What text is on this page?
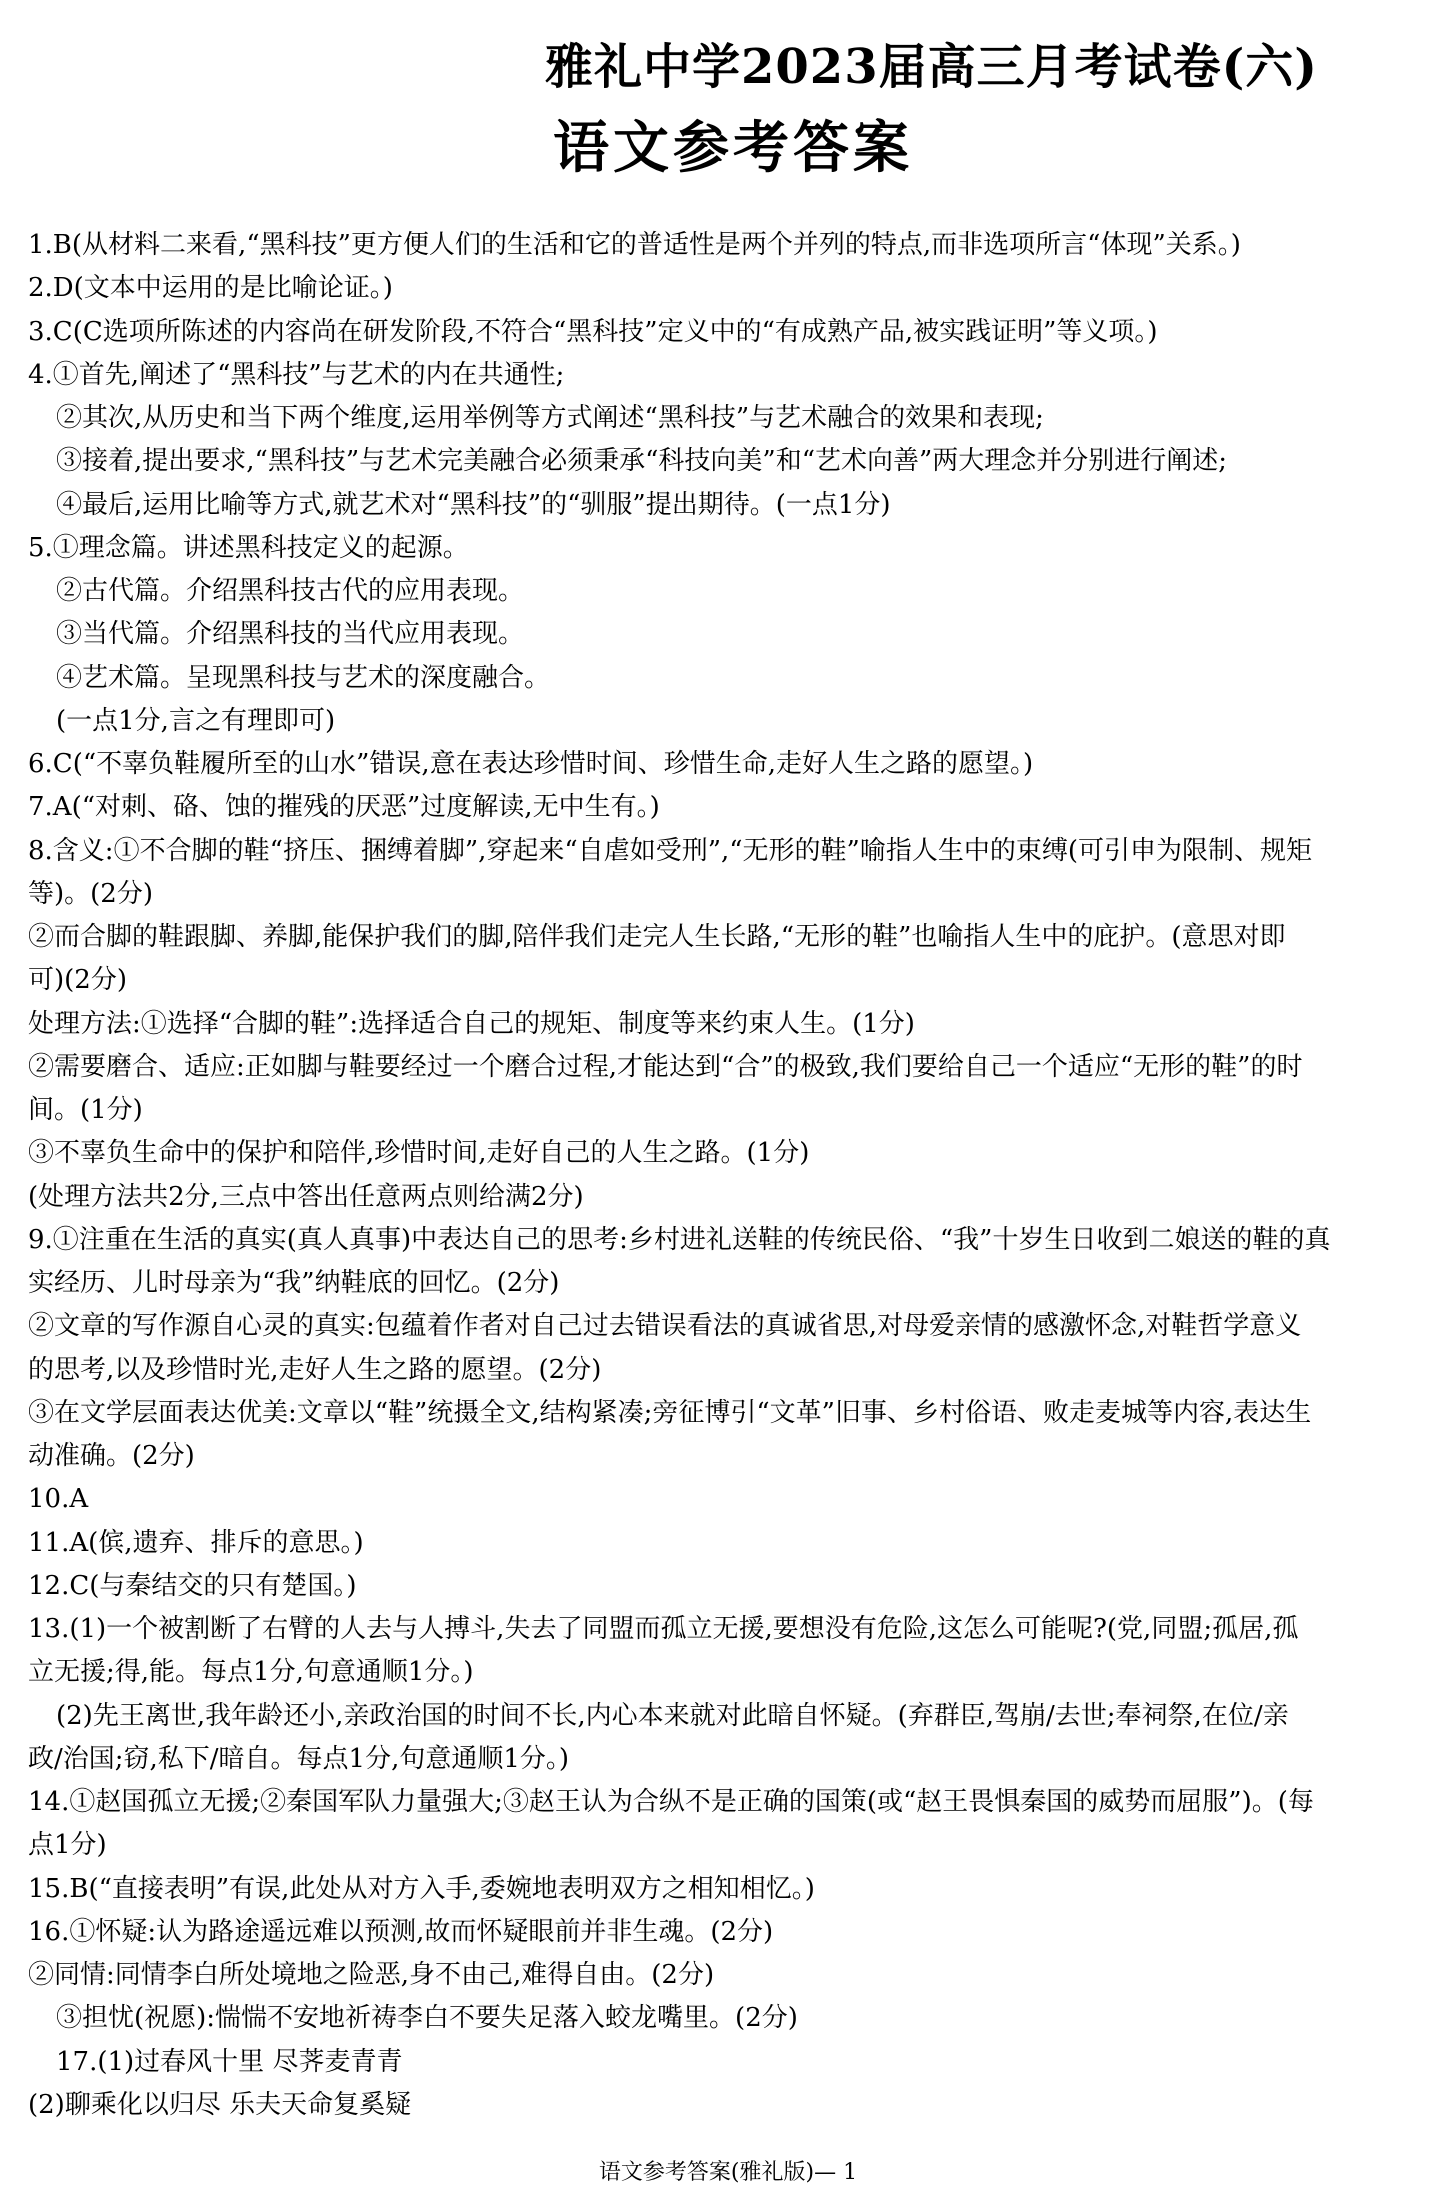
雅礼中学2023届高三月考试卷(六)
语文参考答案
1.B(从材料二来看,“黑科技”更方便人们的生活和它的普适性是两个并列的特点,而非选项所言“体现”关系。)
2.D(文本中运用的是比喻论证。)
3.C(C选项所陈述的内容尚在研发阶段,不符合“黑科技”定义中的“有成熟产品,被实践证明”等义项。)
4.①首先,阐述了“黑科技”与艺术的内在共通性;
②其次,从历史和当下两个维度,运用举例等方式阐述“黑科技”与艺术融合的效果和表现;
③接着,提出要求,“黑科技”与艺术完美融合必须秉承“科技向美”和“艺术向善”两大理念并分别进行阐述;
④最后,运用比喻等方式,就艺术对“黑科技”的“驯服”提出期待。(一点1分)
5.①理念篇。讲述黑科技定义的起源。
②古代篇。介绍黑科技古代的应用表现。
③当代篇。介绍黑科技的当代应用表现。
④艺术篇。呈现黑科技与艺术的深度融合。
(一点1分,言之有理即可)
6.C(“不辜负鞋履所至的山水”错误,意在表达珍惜时间、珍惜生命,走好人生之路的愿望。)
7.A(“对刺、硌、蚀的摧残的厌恶”过度解读,无中生有。)
8.含义:①不合脚的鞋“挤压、捆缚着脚”,穿起来“自虐如受刑”,“无形的鞋”喻指人生中的束缚(可引申为限制、规矩
等)。(2分)
②而合脚的鞋跟脚、养脚,能保护我们的脚,陪伴我们走完人生长路,“无形的鞋”也喻指人生中的庇护。(意思对即
可)(2分)
处理方法:①选择“合脚的鞋”:选择适合自己的规矩、制度等来约束人生。(1分)
②需要磨合、适应:正如脚与鞋要经过一个磨合过程,才能达到“合”的极致,我们要给自己一个适应“无形的鞋”的时
间。(1分)
③不辜负生命中的保护和陪伴,珍惜时间,走好自己的人生之路。(1分)
(处理方法共2分,三点中答出任意两点则给满2分)
9.①注重在生活的真实(真人真事)中表达自己的思考:乡村进礼送鞋的传统民俗、“我”十岁生日收到二娘送的鞋的真
实经历、儿时母亲为“我”纳鞋底的回忆。(2分)
②文章的写作源自心灵的真实:包蕴着作者对自己过去错误看法的真诚省思,对母爱亲情的感激怀念,对鞋哲学意义
的思考,以及珍惜时光,走好人生之路的愿望。(2分)
③在文学层面表达优美:文章以“鞋”统摄全文,结构紧凑;旁征博引“文革”旧事、乡村俗语、败走麦城等内容,表达生
动准确。(2分)
10.A
11.A(傧,遗弃、排斥的意思。)
12.C(与秦结交的只有楚国。)
13.(1)一个被割断了右臂的人去与人搏斗,失去了同盟而孤立无援,要想没有危险,这怎么可能呢?(党,同盟;孤居,孤
立无援;得,能。每点1分,句意通顺1分。)
(2)先王离世,我年龄还小,亲政治国的时间不长,内心本来就对此暗自怀疑。(弃群臣,驾崩/去世;奉祠祭,在位/亲
政/治国;窃,私下/暗自。每点1分,句意通顺1分。)
14.①赵国孤立无援;②秦国军队力量强大;③赵王认为合纵不是正确的国策(或“赵王畏惧秦国的威势而屈服”)。(每
点1分)
15.B(“直接表明”有误,此处从对方入手,委婉地表明双方之相知相忆。)
16.①怀疑:认为路途遥远难以预测,故而怀疑眼前并非生魂。(2分)
②同情:同情李白所处境地之险恶,身不由己,难得自由。(2分)
③担忧(祝愿):惴惴不安地祈祷李白不要失足落入蛟龙嘴里。(2分)
17.(1)过春风十里 尽荠麦青青
(2)聊乘化以归尽 乐夫天命复奚疑
语文参考答案(雅礼版)— 1
